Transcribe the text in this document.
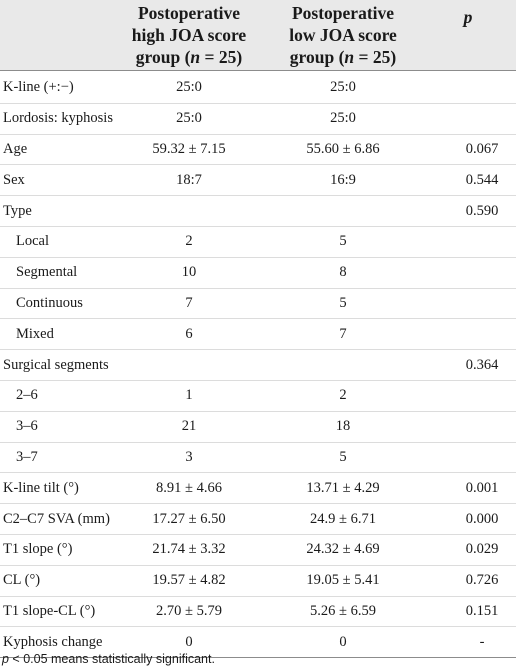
	Postoperative
high JOA score
group (n = 25)	Postoperative
low JOA score
group (n = 25)	p
K-line (+:−)	25:0	25:0	
Lordosis: kyphosis	25:0	25:0	
Age	59.32 ± 7.15	55.60 ± 6.86	0.067
Sex	18:7	16:9	0.544
Type			0.590
Local	2	5	
Segmental	10	8	
Continuous	7	5	
Mixed	6	7	
Surgical segments			0.364
2–6	1	2	
3–6	21	18	
3–7	3	5	
K-line tilt (°)	8.91 ± 4.66	13.71 ± 4.29	0.001
C2–C7 SVA (mm)	17.27 ± 6.50	24.9 ± 6.71	0.000
T1 slope (°)	21.74 ± 3.32	24.32 ± 4.69	0.029
CL (°)	19.57 ± 4.82	19.05 ± 5.41	0.726
T1 slope-CL (°)	2.70 ± 5.79	5.26 ± 6.59	0.151
Kyphosis change	0	0	-
p < 0.05 means statistically significant.
